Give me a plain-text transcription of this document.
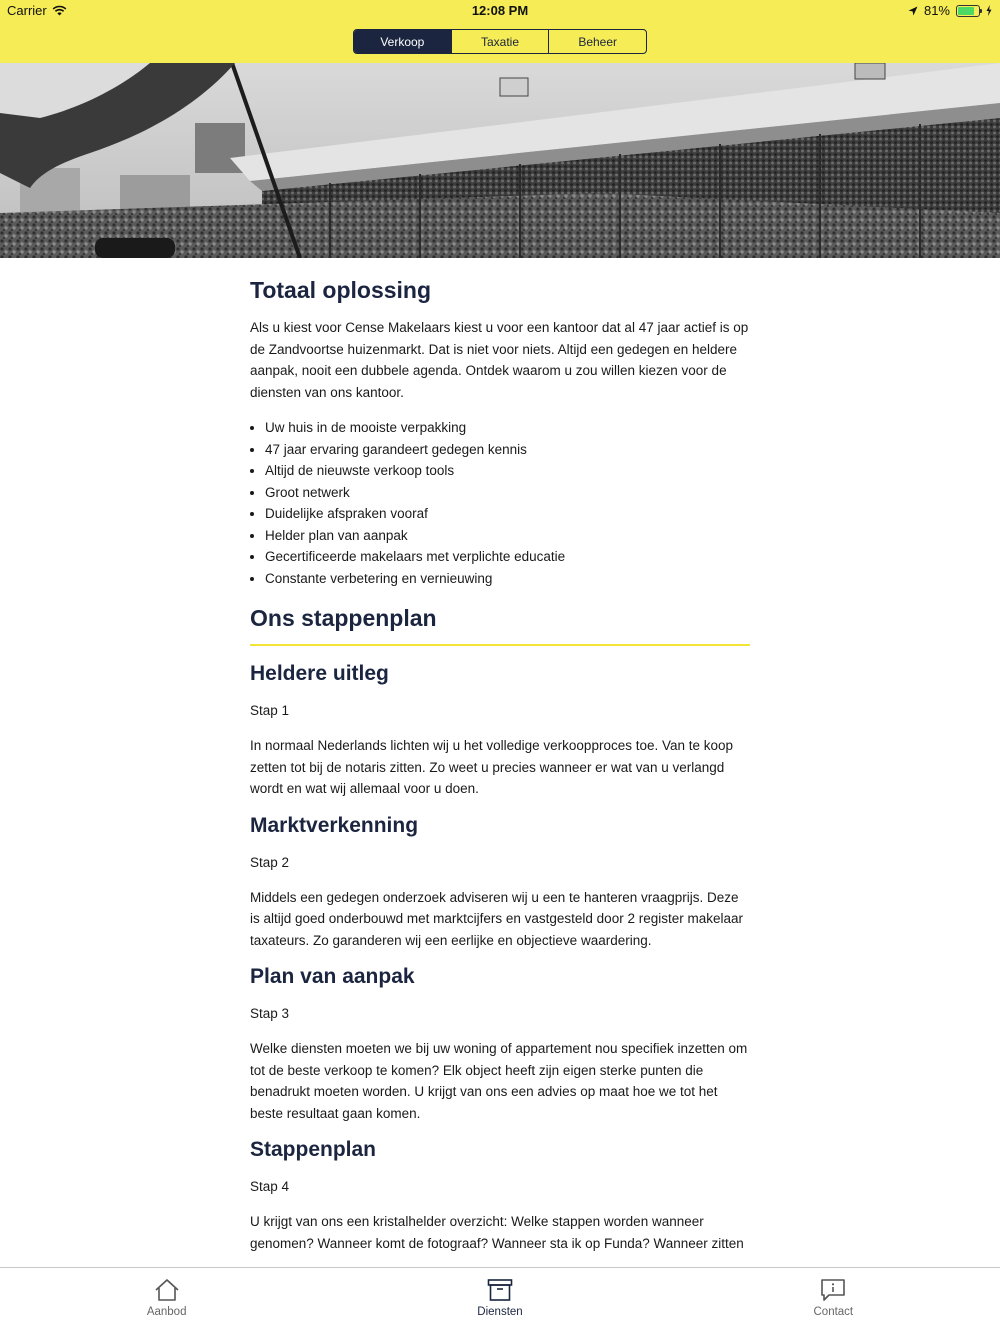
Carrier	12:08 PM	81%
Verkoop	Taxatie	Beheer
Totaal oplossing

Als u kiest voor Cense Makelaars kiest u voor een kantoor dat al 47 jaar actief is op de Zandvoortse huizenmarkt. Dat is niet voor niets. Altijd een gedegen en heldere aanpak, nooit een dubbele agenda. Ontdek waarom u zou willen kiezen voor de diensten van ons kantoor.

• Uw huis in de mooiste verpakking
• 47 jaar ervaring garandeert gedegen kennis
• Altijd de nieuwste verkoop tools
• Groot netwerk
• Duidelijke afspraken vooraf
• Helder plan van aanpak
• Gecertificeerde makelaars met verplichte educatie
• Constante verbetering en vernieuwing
Ons stappenplan
Heldere uitleg
Stap 1

In normaal Nederlands lichten wij u het volledige verkoopproces toe. Van te koop zetten tot bij de notaris zitten. Zo weet u precies wanneer er wat van u verlangd wordt en wat wij allemaal voor u doen.

Marktverkenning
Stap 2

Middels een gedegen onderzoek adviseren wij u een te hanteren vraagprijs. Deze is altijd goed onderbouwd met marktcijfers en vastgesteld door 2 register makelaar taxateurs. Zo garanderen wij een eerlijke en objectieve waardering.

Plan van aanpak
Stap 3

Welke diensten moeten we bij uw woning of appartement nou specifiek inzetten om tot de beste verkoop te komen? Elk object heeft zijn eigen sterke punten die benadrukt moeten worden. U krijgt van ons een advies op maat hoe we tot het beste resultaat gaan komen.

Stappenplan
Stap 4

U krijgt van ons een kristalhelder overzicht: Welke stappen worden wanneer genomen? Wanneer komt de fotograaf? Wanneer sta ik op Funda? Wanneer zitten

Aanbod	Diensten	Contact
